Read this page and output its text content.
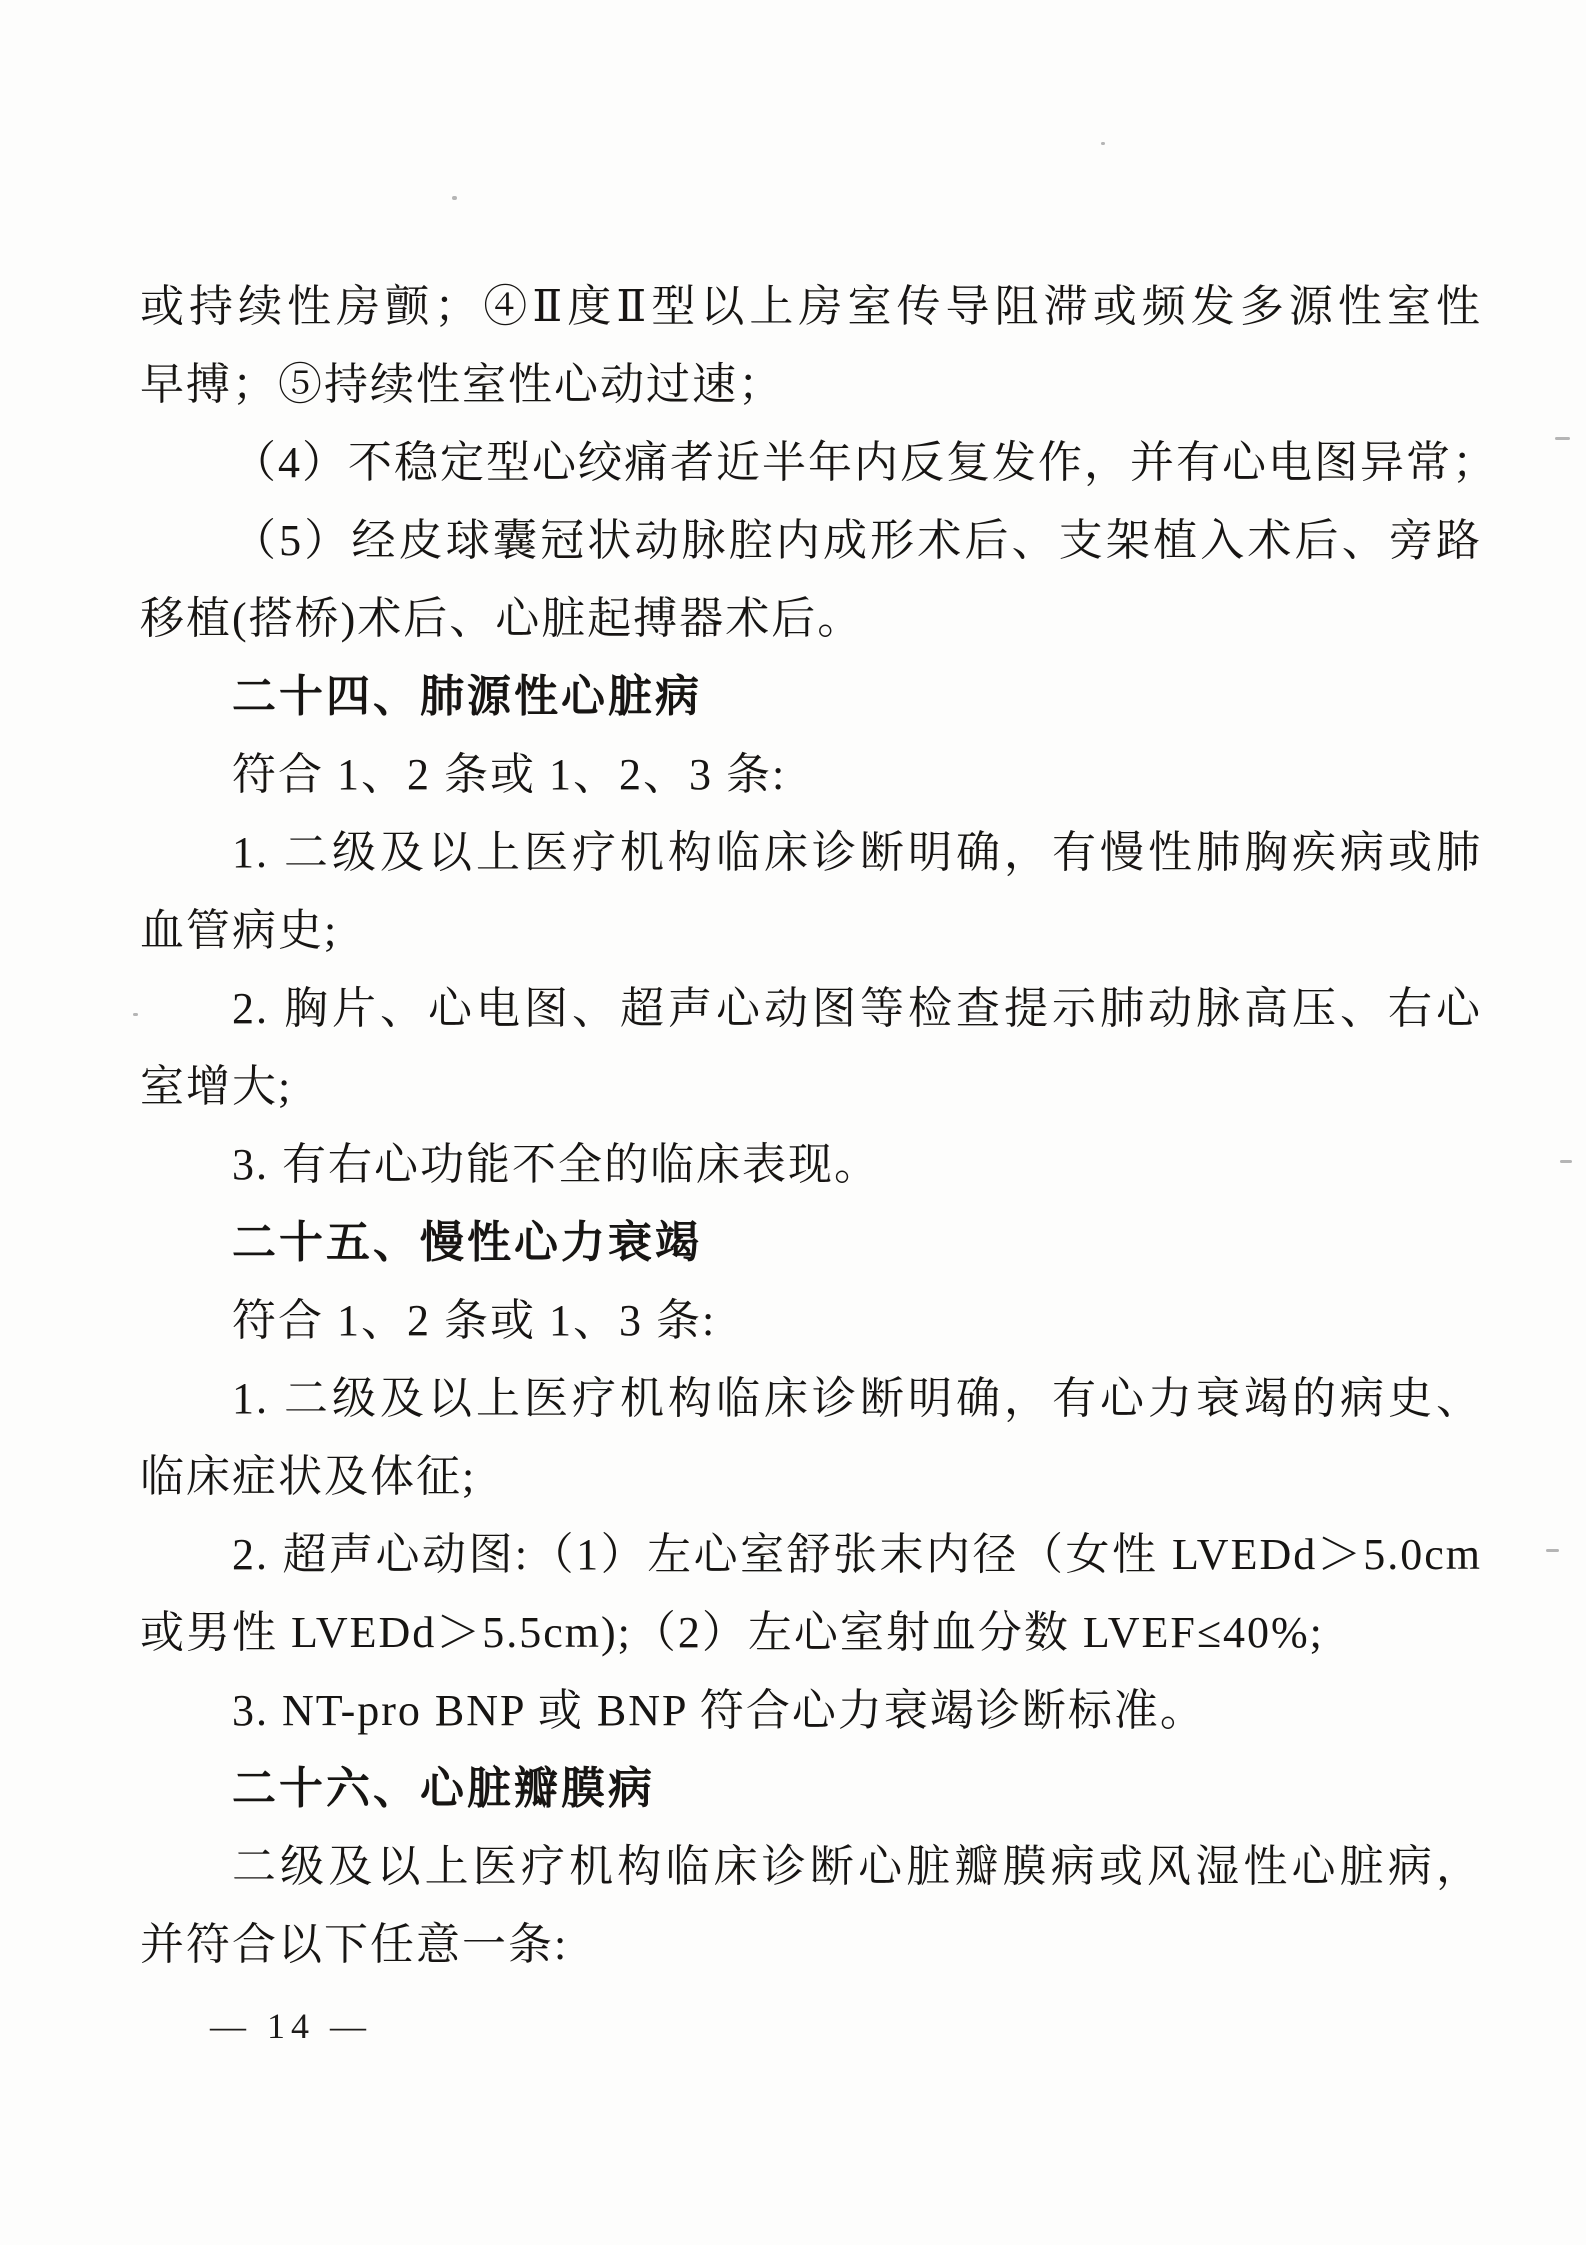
或持续性房颤；④Ⅱ度Ⅱ型以上房室传导阻滞或频发多源性室性
早搏；⑤持续性室性心动过速；
（4）不稳定型心绞痛者近半年内反复发作，并有心电图异常；
（5）经皮球囊冠状动脉腔内成形术后、支架植入术后、旁路
移植(搭桥)术后、心脏起搏器术后。
二十四、肺源性心脏病
符合 1、2 条或 1、2、3 条:
1. 二级及以上医疗机构临床诊断明确，有慢性肺胸疾病或肺
血管病史;
2. 胸片、心电图、超声心动图等检查提示肺动脉高压、右心
室增大;
3. 有右心功能不全的临床表现。
二十五、慢性心力衰竭
符合 1、2 条或 1、3 条:
1. 二级及以上医疗机构临床诊断明确，有心力衰竭的病史、
临床症状及体征;
2. 超声心动图:（1）左心室舒张末内径（女性 LVEDd＞5.0cm
或男性 LVEDd＞5.5cm);（2）左心室射血分数 LVEF≤40%;
3. NT-pro BNP 或 BNP 符合心力衰竭诊断标准。
二十六、心脏瓣膜病
二级及以上医疗机构临床诊断心脏瓣膜病或风湿性心脏病，
并符合以下任意一条:
— 14 —
